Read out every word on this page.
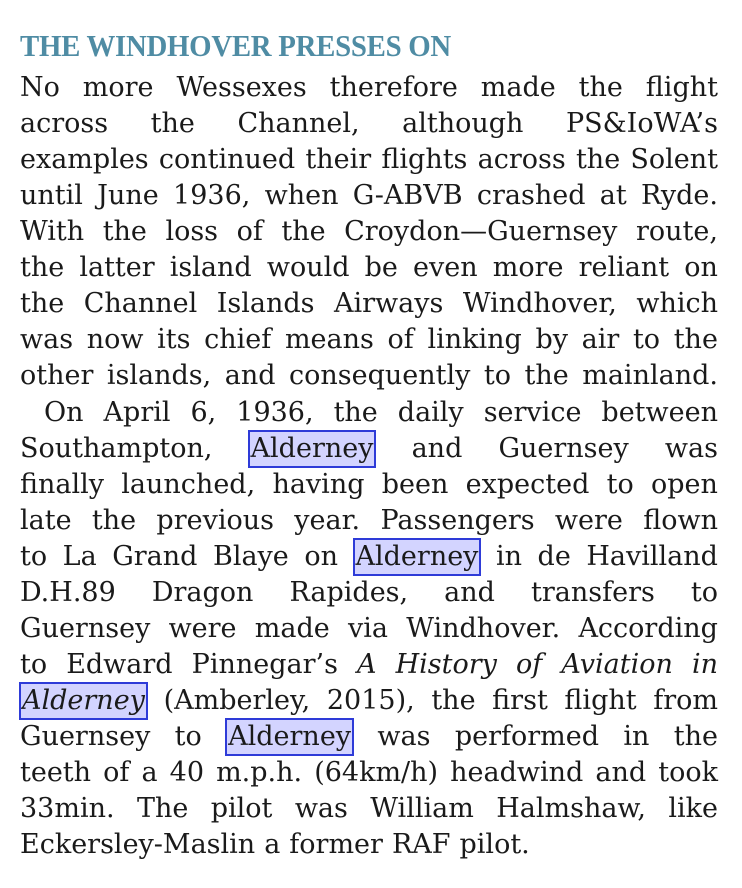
THE WINDHOVER PRESSES ON
No more Wessexes therefore made the flight
across the Channel, although PS&IoWA’s
examples continued their flights across the Solent
until June 1936, when G-ABVB crashed at Ryde.
With the loss of the Croydon—Guernsey route,
the latter island would be even more reliant on
the Channel Islands Airways Windhover, which
was now its chief means of linking by air to the
other islands, and consequently to the mainland.
On April 6, 1936, the daily service between
Southampton, Alderney and Guernsey was
finally launched, having been expected to open
late the previous year. Passengers were flown
to La Grand Blaye on Alderney in de Havilland
D.H.89 Dragon Rapides, and transfers to
Guernsey were made via Windhover. According
to Edward Pinnegar’s A History of Aviation in
Alderney (Amberley, 2015), the first flight from
Guernsey to Alderney was performed in the
teeth of a 40 m.p.h. (64km/h) headwind and took
33min. The pilot was William Halmshaw, like
Eckersley-Maslin a former RAF pilot.
